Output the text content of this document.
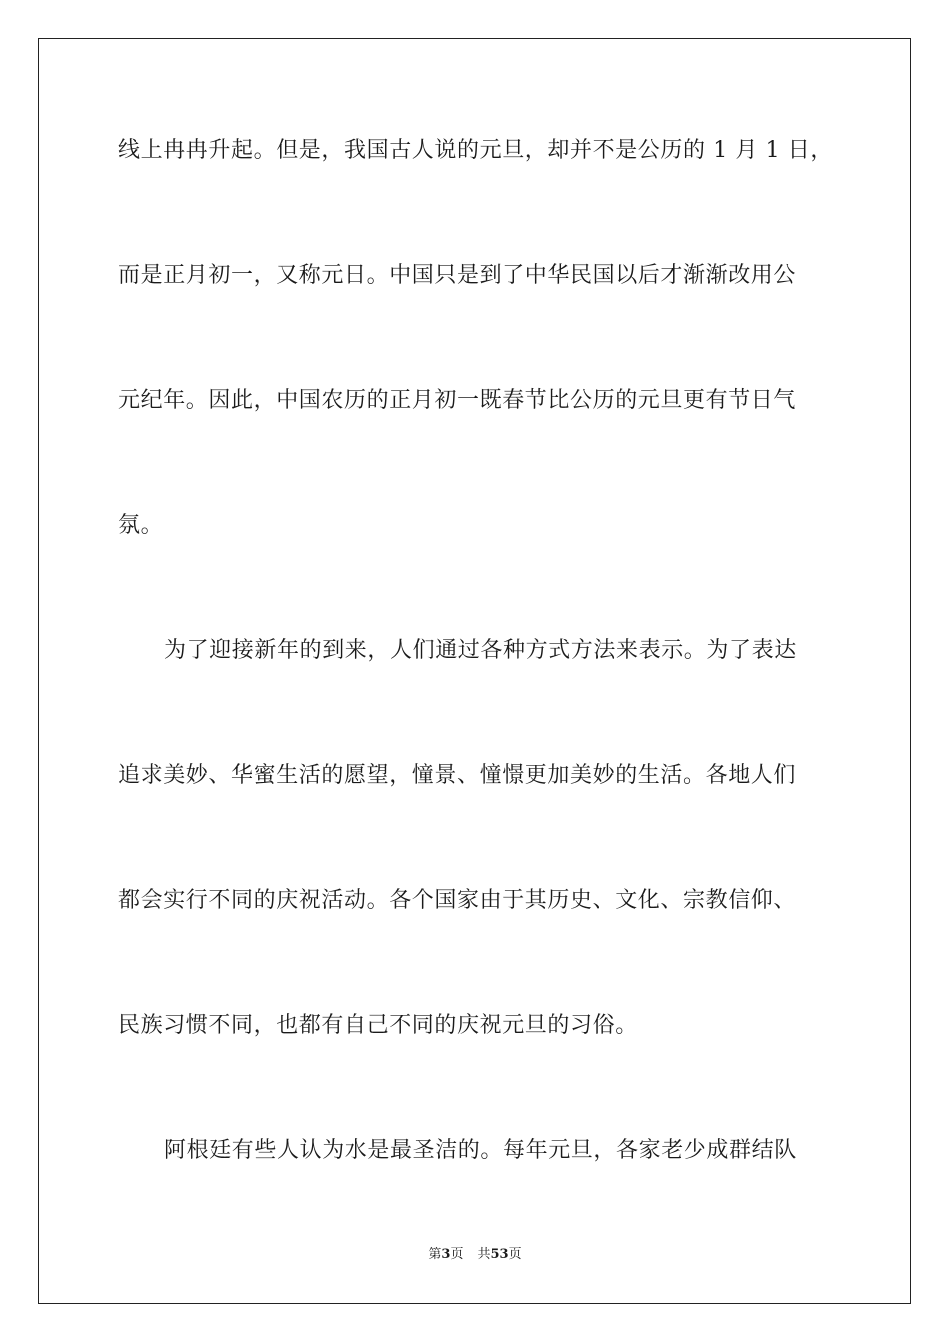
线上冉冉升起。但是，我国古人说的元旦，却并不是公历的 1 月 1 日，
而是正月初一，又称元日。中国只是到了中华民国以后才渐渐改用公
元纪年。因此，中国农历的正月初一既春节比公历的元旦更有节日气
氛。
为了迎接新年的到来，人们通过各种方式方法来表示。为了表达
追求美妙、华蜜生活的愿望，憧景、憧憬更加美妙的生活。各地人们
都会实行不同的庆祝活动。各个国家由于其历史、文化、宗教信仰、
民族习惯不同，也都有自己不同的庆祝元旦的习俗。
阿根廷有些人认为水是最圣洁的。每年元旦，各家老少成群结队
第3页 共53页
